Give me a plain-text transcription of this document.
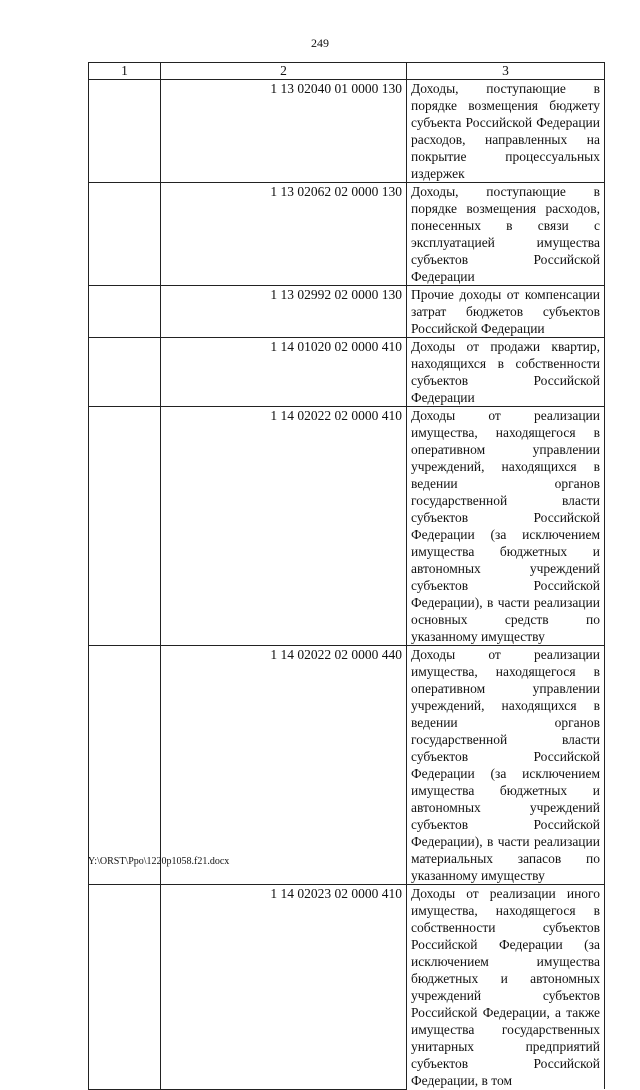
249
1	2	3
	1 13 02040 01 0000 130	Доходы, поступающие в порядке возмещения бюджету субъекта Российской Федерации расходов, направленных на покрытие процессуальных издержек
	1 13 02062 02 0000 130	Доходы, поступающие в порядке возмещения расходов, понесенных в связи с эксплуатацией имущества субъектов Российской Федерации
	1 13 02992 02 0000 130	Прочие доходы от компенсации затрат бюджетов субъектов Российской Федерации
	1 14 01020 02 0000 410	Доходы от продажи квартир, находящихся в собственности субъектов Российской Федерации
	1 14 02022 02 0000 410	Доходы от реализации имущества, находящегося в оперативном управлении учреждений, находящихся в ведении органов государственной власти субъектов Российской Федерации (за исключением имущества бюджетных и автономных учреждений субъектов Российской Федерации), в части реализации основных средств по указанному имуществу
	1 14 02022 02 0000 440	Доходы от реализации имущества, находящегося в оперативном управлении учреждений, находящихся в ведении органов государственной власти субъектов Российской Федерации (за исключением имущества бюджетных и автономных учреждений субъектов Российской Федерации), в части реализации материальных запасов по указанному имуществу
	1 14 02023 02 0000 410	Доходы от реализации иного имущества, находящегося в собственности субъектов Российской Федерации (за исключением имущества бюджетных и автономных учреждений субъектов Российской Федерации, а также имущества государственных унитарных предприятий субъектов Российской Федерации, в том
Y:\ORST\Ppo\1220p1058.f21.docx
